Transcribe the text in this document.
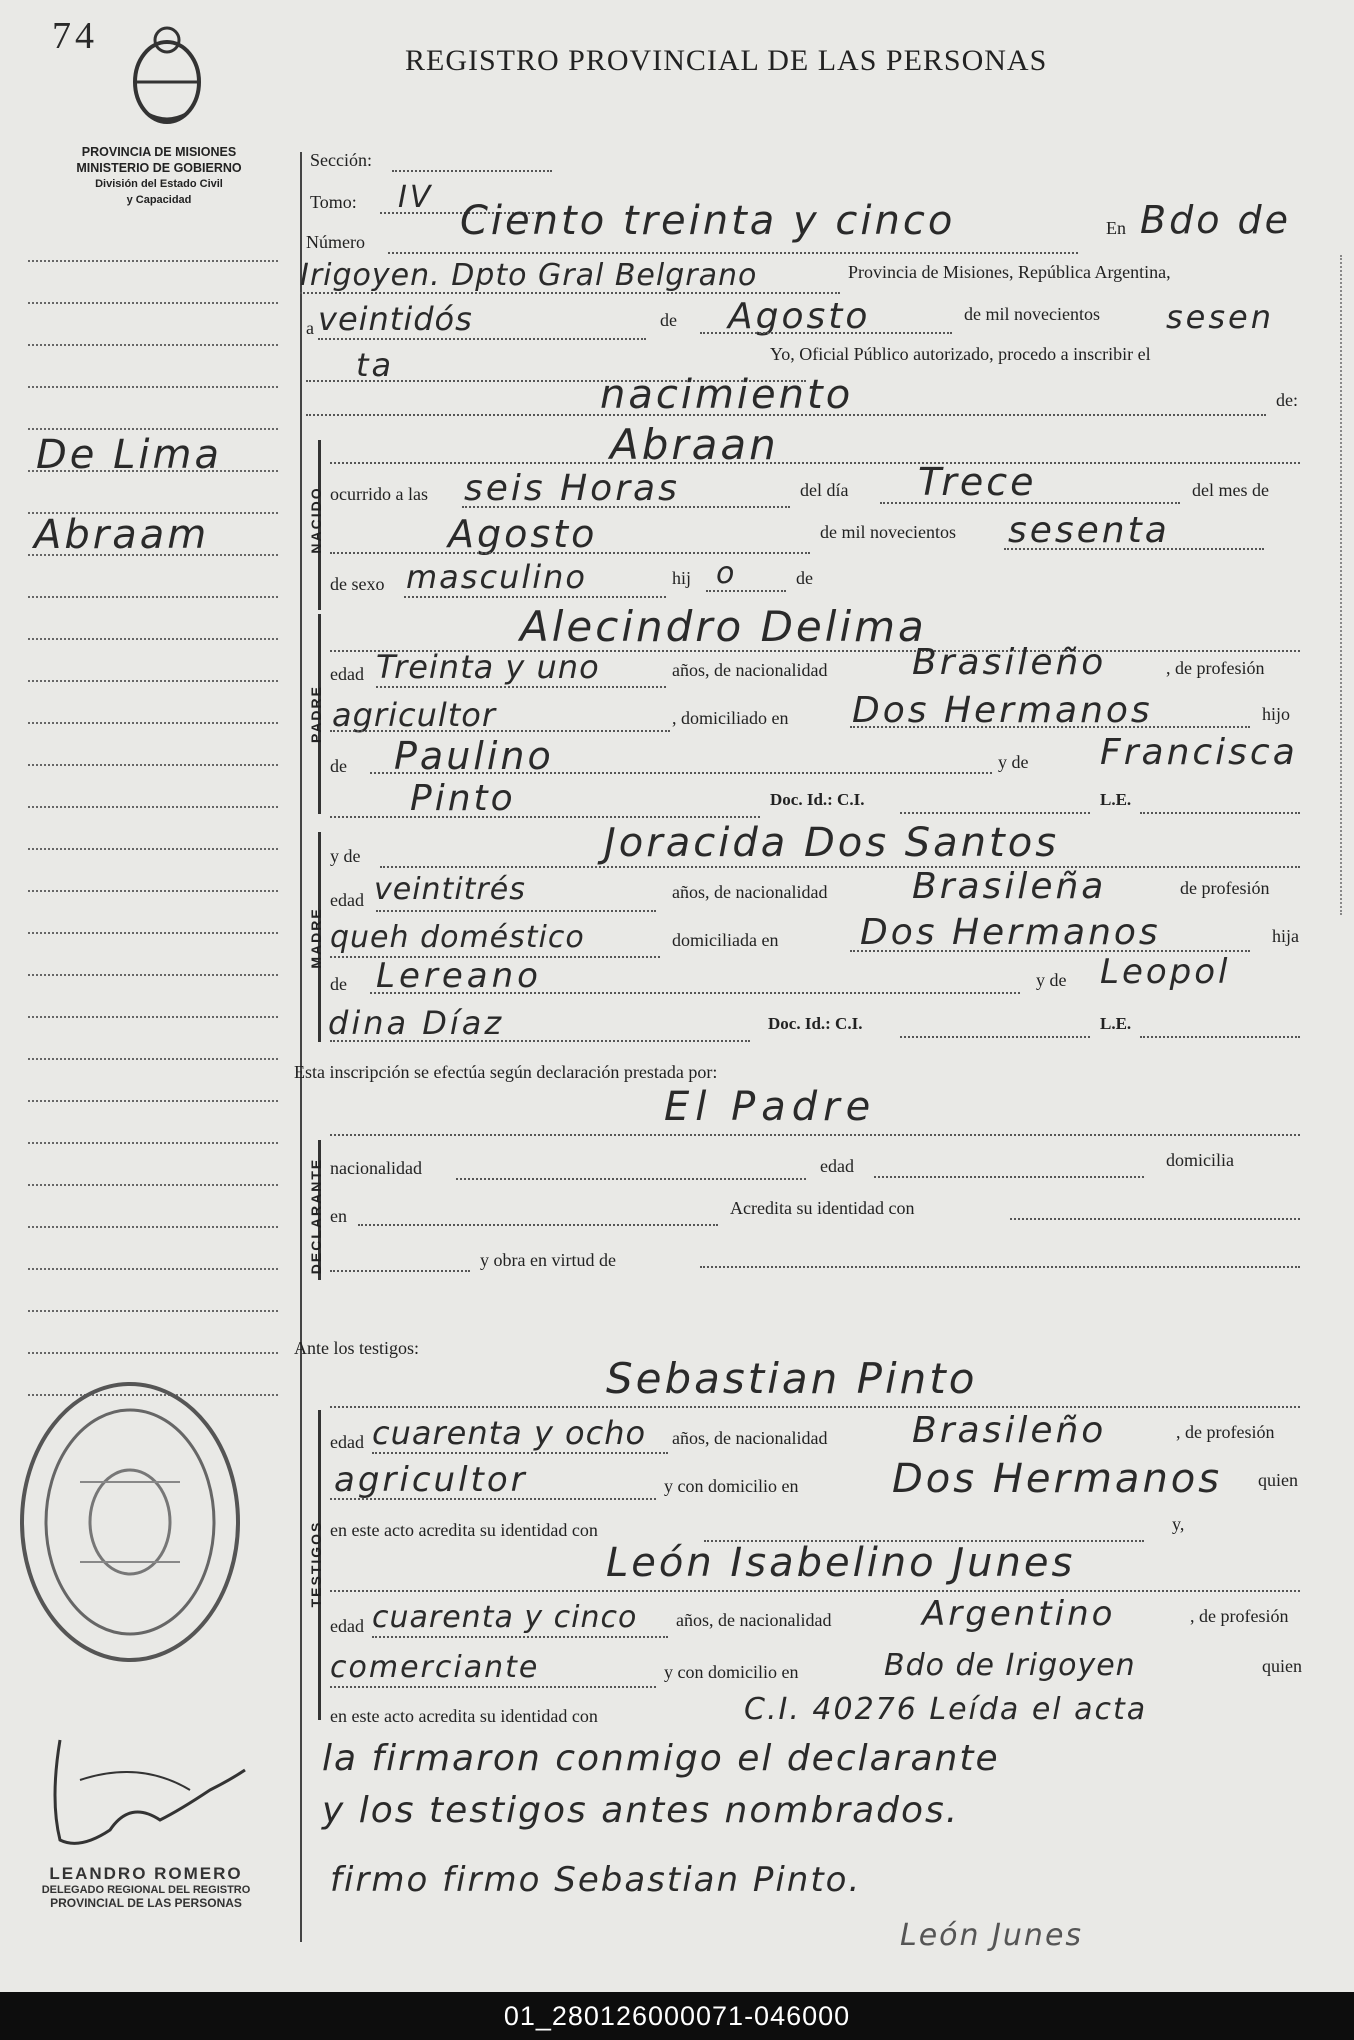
74
REGISTRO PROVINCIAL DE LAS PERSONAS
PROVINCIA DE MISIONES
MINISTERIO DE GOBIERNO
División del Estado Civil
y Capacidad
De Lima
Abraam
LEANDRO ROMERO
DELEGADO REGIONAL DEL REGISTRO
PROVINCIAL DE LAS PERSONAS
Sección:
Tomo: IV
Número Ciento treinta y cinco	En Bdo de
Irigoyen. Dpto Gral Belgrano	Provincia de Misiones, República Argentina,
a veintidós	de Agosto	de mil novecientos sesen
ta	Yo, Oficial Público autorizado, procedo a inscribir el
nacimiento	de:
NACIDO
Abraan
ocurrido a las seis Horas	del día Trece	del mes de
Agosto	de mil novecientos sesenta
de sexo masculino	hij o	de
PADRE
Alecindro Delima
edad Treinta y uno	años, de nacionalidad Brasileño	, de profesión
agricultor	, domiciliado en Dos Hermanos	hijo
de Paulino	y de Francisca
Pinto	Doc. Id.: C.I.	L.E.
MADRE
y de	Joracida Dos Santos
edad veintitrés	años, de nacionalidad Brasileña	de profesión
queh doméstico	domiciliada en Dos Hermanos	hija
de Lereano	y de Leopol
dina Díaz	Doc. Id.: C.I.	L.E.
Esta inscripción se efectúa según declaración prestada por:
El Padre
DECLARANTE nacionalidad	edad	domicilia
en	Acredita su identidad con
y obra en virtud de
Ante los testigos:
Sebastian Pinto
TESTIGOS
edad cuarenta y ocho años, de nacionalidad Brasileño	, de profesión
agricultor	y con domicilio en Dos Hermanos quien
en este acto acredita su identidad con	y,
León Isabelino Junes
edad cuarenta y cinco años, de nacionalidad	Argentino	, de profesión
comerciante	y con domicilio en	Bdo de Irigoyen	quien
en este acto acredita su identidad con	C.I. 40276 Leída el acta
la firmaron conmigo el declarante
y los testigos antes nombrados.
firmo firmo Sebastian Pinto.
León Junes
01_280126000071-046000
